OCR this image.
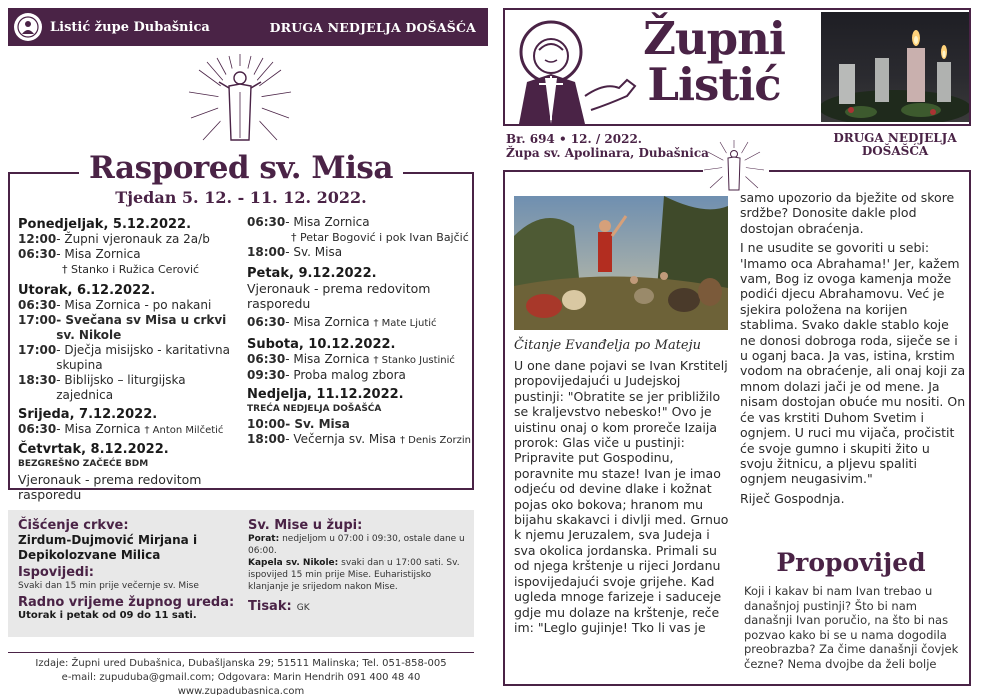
Listić župe Dubašnica	DRUGA NEDJELJA DOŠAŠĆA
Raspored sv. Misa
Tjedan 5. 12. - 11. 12. 2022.
Ponedjeljak, 5.12.2022.
12:00 - Župni vjeronauk za 2a/b
06:30 - Misa Zornica
† Stanko i Ružica Cerović
Utorak, 6.12.2022.
06:30 - Misa Zornica - po nakani
17:00 - Svečana sv Misa u crkvi sv. Nikole
17:00 - Dječja misijsko - karitativna skupina
18:30 - Biblijsko – liturgijska zajednica
Srijeda, 7.12.2022.
06:30 - Misa Zornica † Anton Milčetić
Četvrtak, 8.12.2022.
BEZGREŠNO ZAČEĆE BDM
Vjeronauk - prema redovitom rasporedu
06:30 - Misa Zornica
† Petar Bogović i pok Ivan Bajčić
18:00 - Sv. Misa
Petak, 9.12.2022.
Vjeronauk - prema redovitom rasporedu
06:30 - Misa Zornica † Mate Ljutić
Subota, 10.12.2022.
06:30 - Misa Zornica † Stanko Justinić
09:30 - Proba malog zbora
Nedjelja, 11.12.2022.
TREĆA NEDJELJA DOŠAŠĆA
10:00 - Sv. Misa
18:00 - Večernja sv. Misa † Denis Zorzin
Čišćenje crkve:
Zirdum-Dujmović Mirjana i Depikolozvane Milica
Ispovijedi:
Svaki dan 15 min prije večernje sv. Mise
Radno vrijeme župnog ureda:
Utorak i petak od 09 do 11 sati.
Sv. Mise u župi:
Porat: nedjeljom u 07:00 i 09:30, ostale dane u 06:00.
Kapela sv. Nikole: svaki dan u 17:00 sati. Sv. ispovijed 15 min prije Mise. Euharistijsko klanjanje je srijedom nakon Mise.
Tisak: GK
Izdaje: Župni ured Dubašnica, Dubašljanska 29; 51511 Malinska; Tel. 051-858-005
e-mail: zupuduba@gmail.com; Odgovara: Marin Hendrih 091 400 48 40 www.zupadubasnica.com
Župni
Listić
Br. 694 • 12. / 2022.
Župa sv. Apolinara, Dubašnica
DRUGA NEDJELJA
DOŠAŠĆA
Čitanje Evanđelja po Mateju
U one dane pojavi se Ivan Krstitelj propovijedajući u Judejskoj pustinji: "Obratite se jer približilo se kraljevstvo nebesko!" Ovo je uistinu onaj o kom proreče Izaija prorok: Glas viče u pustinji: Pripravite put Gospodinu, poravnite mu staze! Ivan je imao odjeću od devine dlake i kožnat pojas oko bokova; hranom mu bijahu skakavci i divlji med. Grnuo k njemu Jeruzalem, sva Judeja i sva okolica jordanska. Primali su od njega krštenje u rijeci Jordanu ispovijedajući svoje grijehe. Kad ugleda mnoge farizeje i saduceje gdje mu dolaze na krštenje, reče im: "Leglo gujinje! Tko li vas je

samo upozorio da bježite od skore srdžbe? Donosite dakle plod dostojan obraćenja.

I ne usudite se govoriti u sebi: 'Imamo oca Abrahama!' Jer, kažem vam, Bog iz ovoga kamenja može podići djecu Abrahamovu. Već je sjekira položena na korijen stablima. Svako dakle stablo koje ne donosi dobroga roda, siječe se i u oganj baca. Ja vas, istina, krstim vodom na obraćenje, ali onaj koji za mnom dolazi jači je od mene. Ja nisam dostojan obuće mu nositi. On će vas krstiti Duhom Svetim i ognjem. U ruci mu vijača, pročistit će svoje gumno i skupiti žito u svoju žitnicu, a pljevu spaliti ognjem neugasivim."

Riječ Gospodnja.

Propovijed
Koji i kakav bi nam Ivan trebao u današnjoj pustinji? Što bi nam današnji Ivan poručio, na što bi nas pozvao kako bi se u nama dogodila preobrazba? Za čime današnji čovjek čezne? Nema dvojbe da želi bolje
